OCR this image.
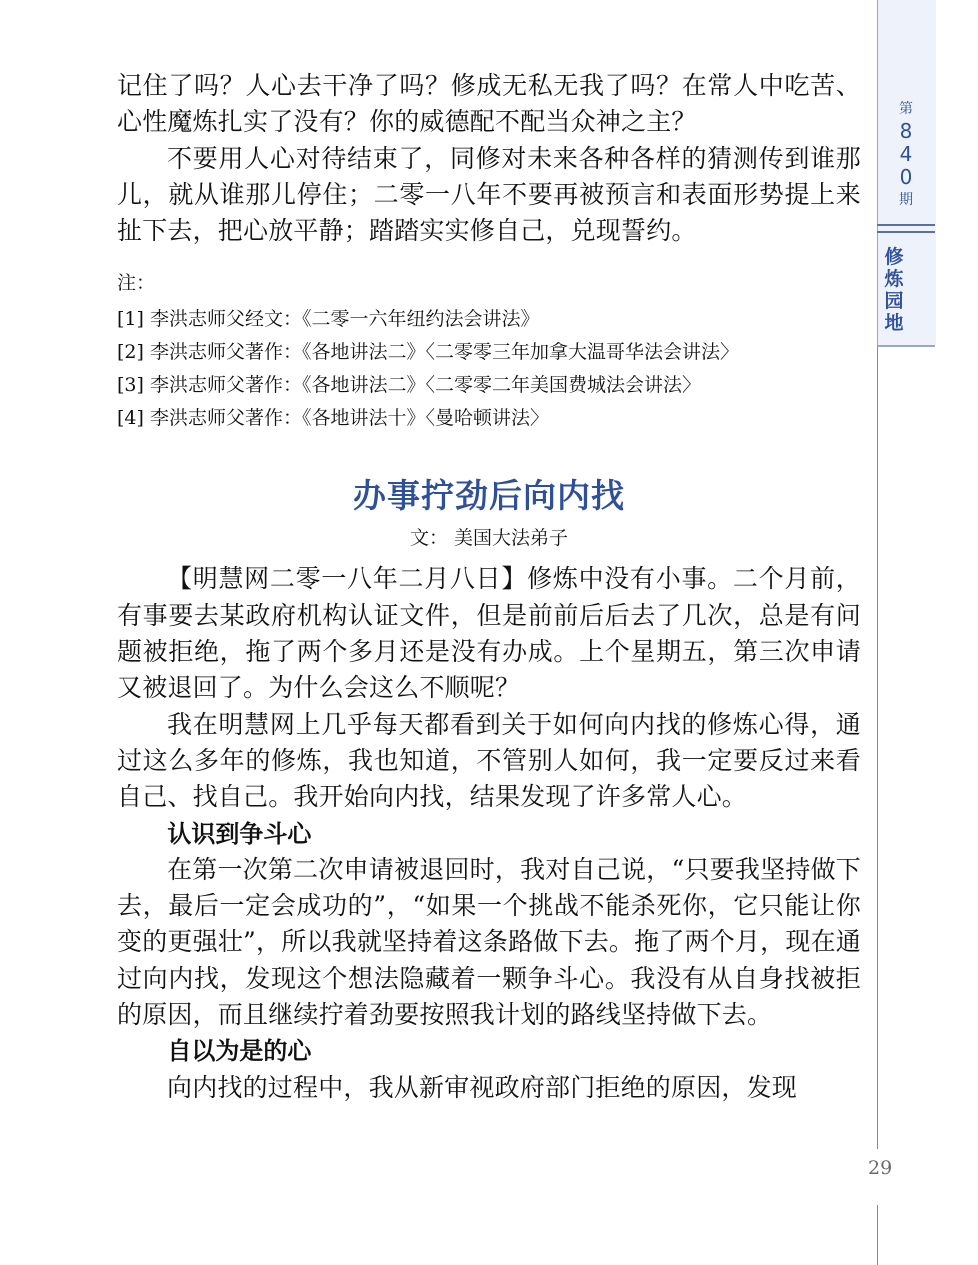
记住了吗？人心去干净了吗？修成无私无我了吗？在常人中吃苦、心性魔炼扎实了没有？你的威德配不配当众神之主？

不要用人心对待结束了，同修对未来各种各样的猜测传到谁那儿，就从谁那儿停住；二零一八年不要再被预言和表面形势提上来扯下去，把心放平静；踏踏实实修自己，兑现誓约。

注：

[1] 李洪志师父经文：《二零一六年纽约法会讲法》

[2] 李洪志师父著作：《各地讲法二》〈二零零三年加拿大温哥华法会讲法〉

[3] 李洪志师父著作：《各地讲法二》〈二零零二年美国费城法会讲法〉

[4] 李洪志师父著作：《各地讲法十》〈曼哈顿讲法〉

办事拧劲后向内找

文： 美国大法弟子

【明慧网二零一八年二月八日】修炼中没有小事。二个月前，有事要去某政府机构认证文件，但是前前后后去了几次，总是有问题被拒绝，拖了两个多月还是没有办成。上个星期五，第三次申请又被退回了。为什么会这么不顺呢？

我在明慧网上几乎每天都看到关于如何向内找的修炼心得，通过这么多年的修炼，我也知道，不管别人如何，我一定要反过来看自己、找自己。我开始向内找，结果发现了许多常人心。

认识到争斗心

在第一次第二次申请被退回时，我对自己说，“只要我坚持做下去，最后一定会成功的”，“如果一个挑战不能杀死你，它只能让你变的更强壮”，所以我就坚持着这条路做下去。拖了两个月，现在通过向内找，发现这个想法隐藏着一颗争斗心。我没有从自身找被拒的原因，而且继续拧着劲要按照我计划的路线坚持做下去。

自以为是的心

向内找的过程中，我从新审视政府部门拒绝的原因，发现

第
8
4
0
期
修
炼
园
地
29
